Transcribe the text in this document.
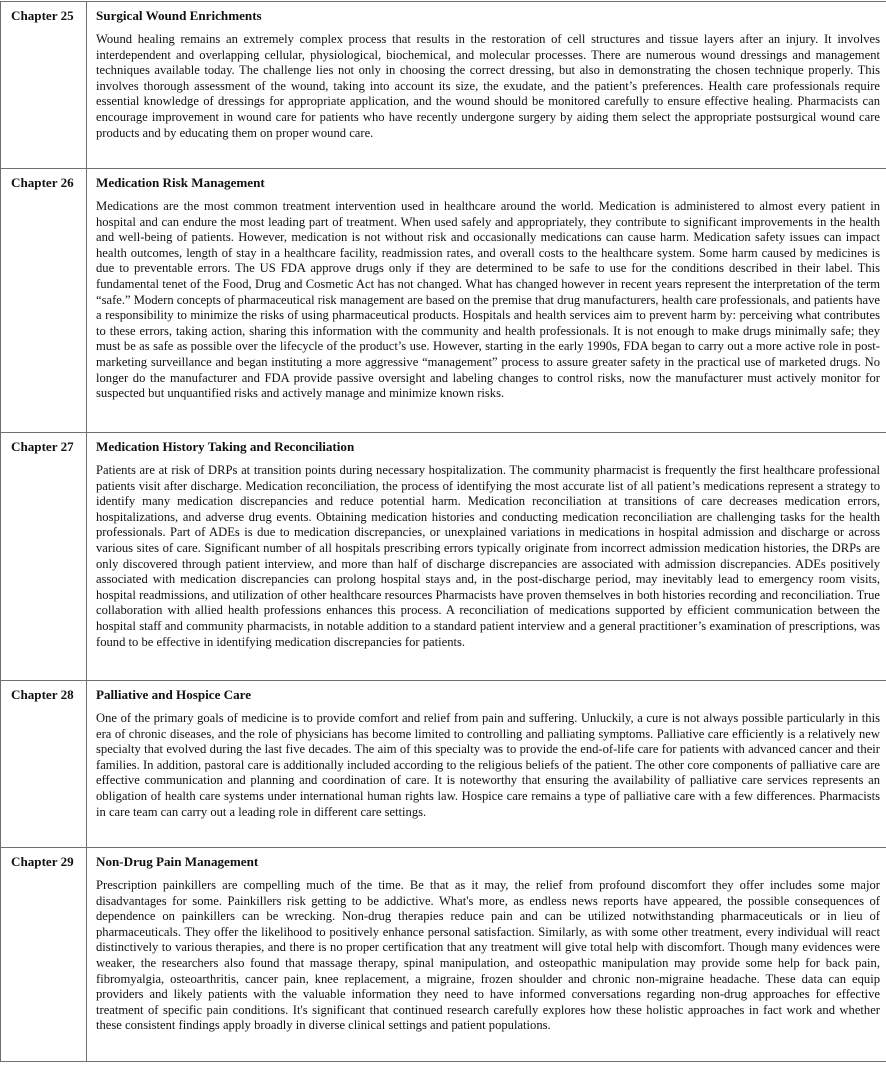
Chapter 25	Surgical Wound Enrichments

Wound healing remains an extremely complex process that results in the restoration of cell structures and tissue layers after an injury. It involves interdependent and overlapping cellular, physiological, biochemical, and molecular processes. There are numerous wound dressings and management techniques available today. The challenge lies not only in choosing the correct dressing, but also in demonstrating the chosen technique properly. This involves thorough assessment of the wound, taking into account its size, the exudate, and the patient’s preferences. Health care professionals require essential knowledge of dressings for appropriate application, and the wound should be monitored carefully to ensure effective healing. Pharmacists can encourage improvement in wound care for patients who have recently undergone surgery by aiding them select the appropriate postsurgical wound care products and by educating them on proper wound care.

Chapter 26	Medication Risk Management

Medications are the most common treatment intervention used in healthcare around the world. Medication is administered to almost every patient in hospital and can endure the most leading part of treatment. When used safely and appropriately, they contribute to significant improvements in the health and well-being of patients. However, medication is not without risk and occasionally medications can cause harm. Medication safety issues can impact health outcomes, length of stay in a healthcare facility, readmission rates, and overall costs to the healthcare system. Some harm caused by medicines is due to preventable errors. The US FDA approve drugs only if they are determined to be safe to use for the conditions described in their label. This fundamental tenet of the Food, Drug and Cosmetic Act has not changed. What has changed however in recent years represent the interpretation of the term “safe.” Modern concepts of pharmaceutical risk management are based on the premise that drug manufacturers, health care professionals, and patients have a responsibility to minimize the risks of using pharmaceutical products. Hospitals and health services aim to prevent harm by: perceiving what contributes to these errors, taking action, sharing this information with the community and health professionals. It is not enough to make drugs minimally safe; they must be as safe as possible over the lifecycle of the product’s use. However, starting in the early 1990s, FDA began to carry out a more active role in post-marketing surveillance and began instituting a more aggressive “management” process to assure greater safety in the practical use of marketed drugs. No longer do the manufacturer and FDA provide passive oversight and labeling changes to control risks, now the manufacturer must actively monitor for suspected but unquantified risks and actively manage and minimize known risks.

Chapter 27	Medication History Taking and Reconciliation

Patients are at risk of DRPs at transition points during necessary hospitalization. The community pharmacist is frequently the first healthcare professional patients visit after discharge. Medication reconciliation, the process of identifying the most accurate list of all patient’s medications represent a strategy to identify many medication discrepancies and reduce potential harm. Medication reconciliation at transitions of care decreases medication errors, hospitalizations, and adverse drug events. Obtaining medication histories and conducting medication reconciliation are challenging tasks for the health professionals. Part of ADEs is due to medication discrepancies, or unexplained variations in medications in hospital admission and discharge or across various sites of care. Significant number of all hospitals prescribing errors typically originate from incorrect admission medication histories, the DRPs are only discovered through patient interview, and more than half of discharge discrepancies are associated with admission discrepancies. ADEs positively associated with medication discrepancies can prolong hospital stays and, in the post-discharge period, may inevitably lead to emergency room visits, hospital readmissions, and utilization of other healthcare resources Pharmacists have proven themselves in both histories recording and reconciliation. True collaboration with allied health professions enhances this process. A reconciliation of medications supported by efficient communication between the hospital staff and community pharmacists, in notable addition to a standard patient interview and a general practitioner’s examination of prescriptions, was found to be effective in identifying medication discrepancies for patients.

Chapter 28	Palliative and Hospice Care

One of the primary goals of medicine is to provide comfort and relief from pain and suffering. Unluckily, a cure is not always possible particularly in this era of chronic diseases, and the role of physicians has become limited to controlling and palliating symptoms. Palliative care efficiently is a relatively new specialty that evolved during the last five decades. The aim of this specialty was to provide the end-of-life care for patients with advanced cancer and their families. In addition, pastoral care is additionally included according to the religious beliefs of the patient. The other core components of palliative care are effective communication and planning and coordination of care. It is noteworthy that ensuring the availability of palliative care services represents an obligation of health care systems under international human rights law. Hospice care remains a type of palliative care with a few differences. Pharmacists in care team can carry out a leading role in different care settings.

Chapter 29	Non-Drug Pain Management

Prescription painkillers are compelling much of the time. Be that as it may, the relief from profound discomfort they offer includes some major disadvantages for some. Painkillers risk getting to be addictive. What's more, as endless news reports have appeared, the possible consequences of dependence on painkillers can be wrecking. Non-drug therapies reduce pain and can be utilized notwithstanding pharmaceuticals or in lieu of pharmaceuticals. They offer the likelihood to positively enhance personal satisfaction. Similarly, as with some other treatment, every individual will react distinctively to various therapies, and there is no proper certification that any treatment will give total help with discomfort. Though many evidences were weaker, the researchers also found that massage therapy, spinal manipulation, and osteopathic manipulation may provide some help for back pain, fibromyalgia, osteoarthritis, cancer pain, knee replacement, a migraine, frozen shoulder and chronic non-migraine headache. These data can equip providers and likely patients with the valuable information they need to have informed conversations regarding non-drug approaches for effective treatment of specific pain conditions. It's significant that continued research carefully explores how these holistic approaches in fact work and whether these consistent findings apply broadly in diverse clinical settings and patient populations.
